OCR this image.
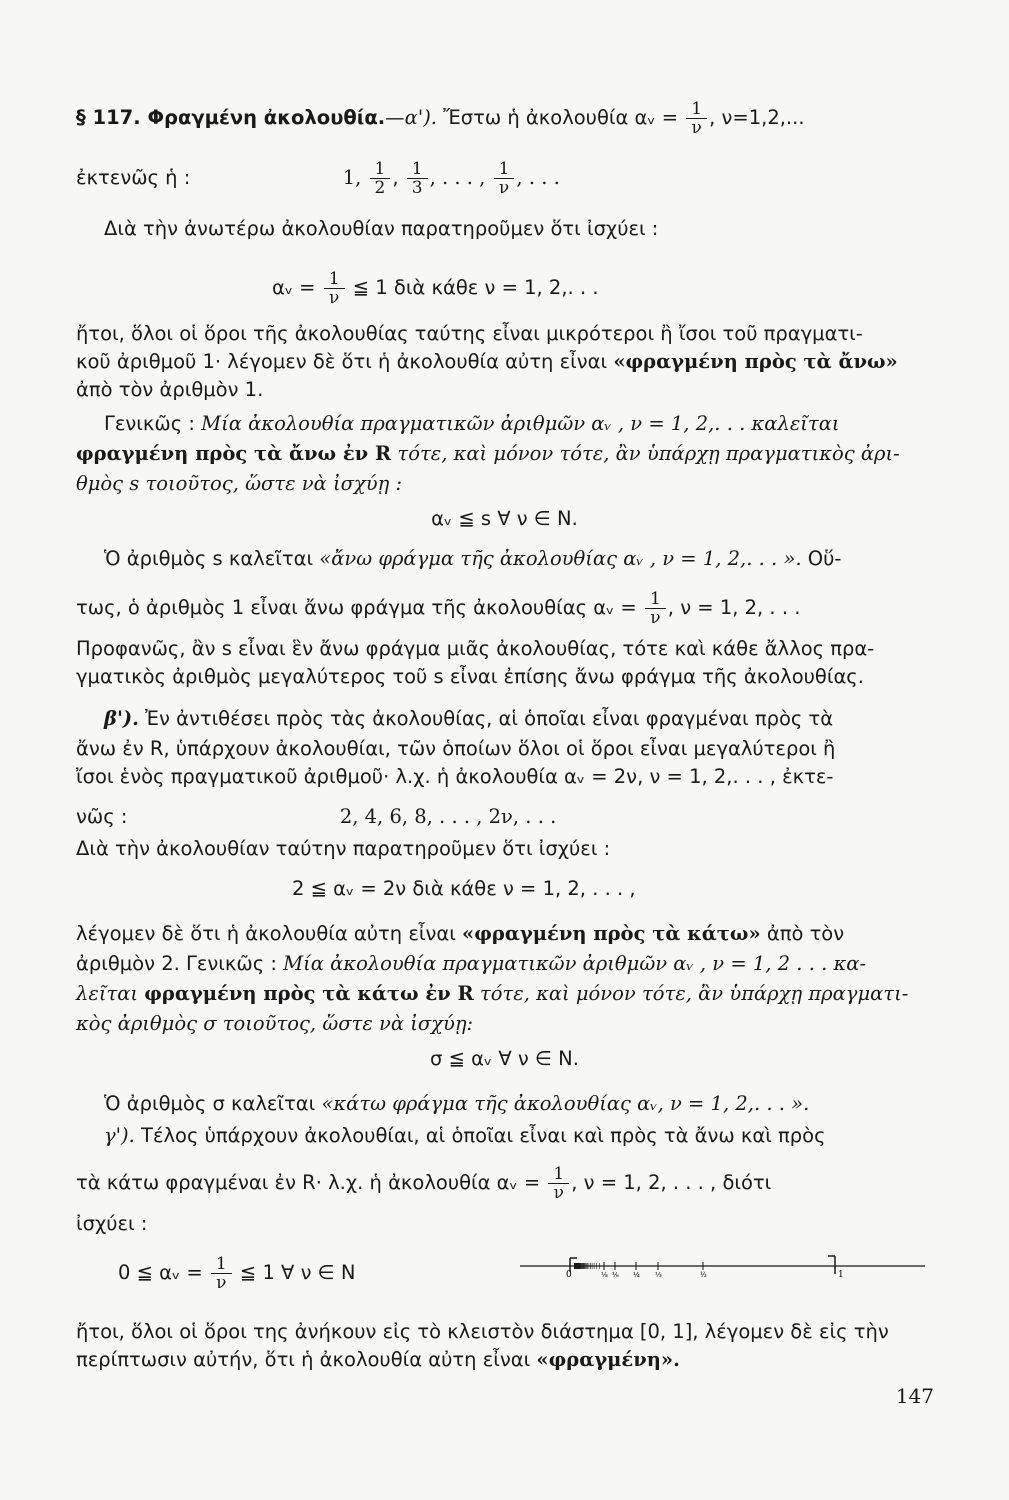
§ 117. Φραγμένη ἀκολουθία.—α'). Ἔστω ἡ ἀκολουθία αᵥ = $\frac{1}{\nu}$ , ν=1,2,...
ἐκτενῶς ἡ :	1, $\frac{1}{2}$ , $\frac{1}{3}$ , . . . , $\frac{1}{\nu}$ , . . .
Διὰ τὴν ἀνωτέρω ἀκολουθίαν παρατηροῦμεν ὅτι ἰσχύει :
αᵥ = $\frac{1}{\nu}$ ≦ 1 διὰ κάθε ν = 1, 2,. . .
ἤτοι, ὅλοι οἱ ὅροι τῆς ἀκολουθίας ταύτης εἶναι μικρότεροι ἢ ἴσοι τοῦ πραγματι-
κοῦ ἀριθμοῦ 1· λέγομεν δὲ ὅτι ἡ ἀκολουθία αὐτη εἶναι «φραγμένη πρὸς τὰ ἄνω»
ἀπὸ τὸν ἀριθμὸν 1.
Γενικῶς : Μία ἀκολουθία πραγματικῶν ἀριθμῶν αᵥ , ν = 1, 2,. . . καλεῖται
φραγμένη πρὸς τὰ ἄνω ἐν R τότε, καὶ μόνον τότε, ἂν ὑπάρχῃ πραγματικὸς ἀρι-
θμὸς s τοιοῦτος, ὥστε νὰ ἰσχύῃ :
αᵥ ≦ s ∀ ν ∈ N.
Ὁ ἀριθμὸς s καλεῖται «ἄνω φράγμα τῆς ἀκολουθίας αᵥ , ν = 1, 2,. . . ». Οὕ-
τως, ὁ ἀριθμὸς 1 εἶναι ἄνω φράγμα τῆς ἀκολουθίας αᵥ = $\frac{1}{\nu}$ , ν = 1, 2, . . .
Προφανῶς, ἂν s εἶναι ἓν ἄνω φράγμα μιᾶς ἀκολουθίας, τότε καὶ κάθε ἄλλος πρα-
γματικὸς ἀριθμὸς μεγαλύτερος τοῦ s εἶναι ἐπίσης ἄνω φράγμα τῆς ἀκολουθίας.
β'). Ἐν ἀντιθέσει πρὸς τὰς ἀκολουθίας, αἱ ὁποῖαι εἶναι φραγμέναι πρὸς τὰ
ἄνω ἐν R, ὑπάρχουν ἀκολουθίαι, τῶν ὁποίων ὅλοι οἱ ὅροι εἶναι μεγαλύτεροι ἢ
ἴσοι ἑνὸς πραγματικοῦ ἀριθμοῦ· λ.χ. ἡ ἀκολουθία αᵥ = 2ν, ν = 1, 2,. . . , ἐκτε-
νῶς :	2, 4, 6, 8, . . . , 2ν, . . .
Διὰ τὴν ἀκολουθίαν ταύτην παρατηροῦμεν ὅτι ἰσχύει :
2 ≦ αᵥ = 2ν διὰ κάθε ν = 1, 2, . . . ,
λέγομεν δὲ ὅτι ἡ ἀκολουθία αὐτη εἶναι «φραγμένη πρὸς τὰ κάτω» ἀπὸ τὸν
ἀριθμὸν 2. Γενικῶς : Μία ἀκολουθία πραγματικῶν ἀριθμῶν αᵥ , ν = 1, 2 . . . κα-
λεῖται φραγμένη πρὸς τὰ κάτω ἐν R τότε, καὶ μόνον τότε, ἂν ὑπάρχῃ πραγματι-
κὸς ἀριθμὸς σ τοιοῦτος, ὥστε νὰ ἰσχύῃ:
σ ≦ αᵥ ∀ ν ∈ N.
Ὁ ἀριθμὸς σ καλεῖται «κάτω φράγμα τῆς ἀκολουθίας αᵥ, ν = 1, 2,. . . ».
γ'). Τέλος ὑπάρχουν ἀκολουθίαι, αἱ ὁποῖαι εἶναι καὶ πρὸς τὰ ἄνω καὶ πρὸς
τὰ κάτω φραγμέναι ἐν R· λ.χ. ἡ ἀκολουθία αᵥ = $\frac{1}{\nu}$ , ν = 1, 2, . . . , διότι
ἰσχύει :
0 ≦ αᵥ = $\frac{1}{\nu}$ ≦ 1 ∀ ν ∈ N	0	1
⅛ ⅙ ¼ ⅓	½
ἤτοι, ὅλοι οἱ ὅροι της ἀνήκουν εἰς τὸ κλειστὸν διάστημα [0, 1], λέγομεν δὲ εἰς τὴν
περίπτωσιν αὐτήν, ὅτι ἡ ἀκολουθία αὐτη εἶναι «φραγμένη».
147
